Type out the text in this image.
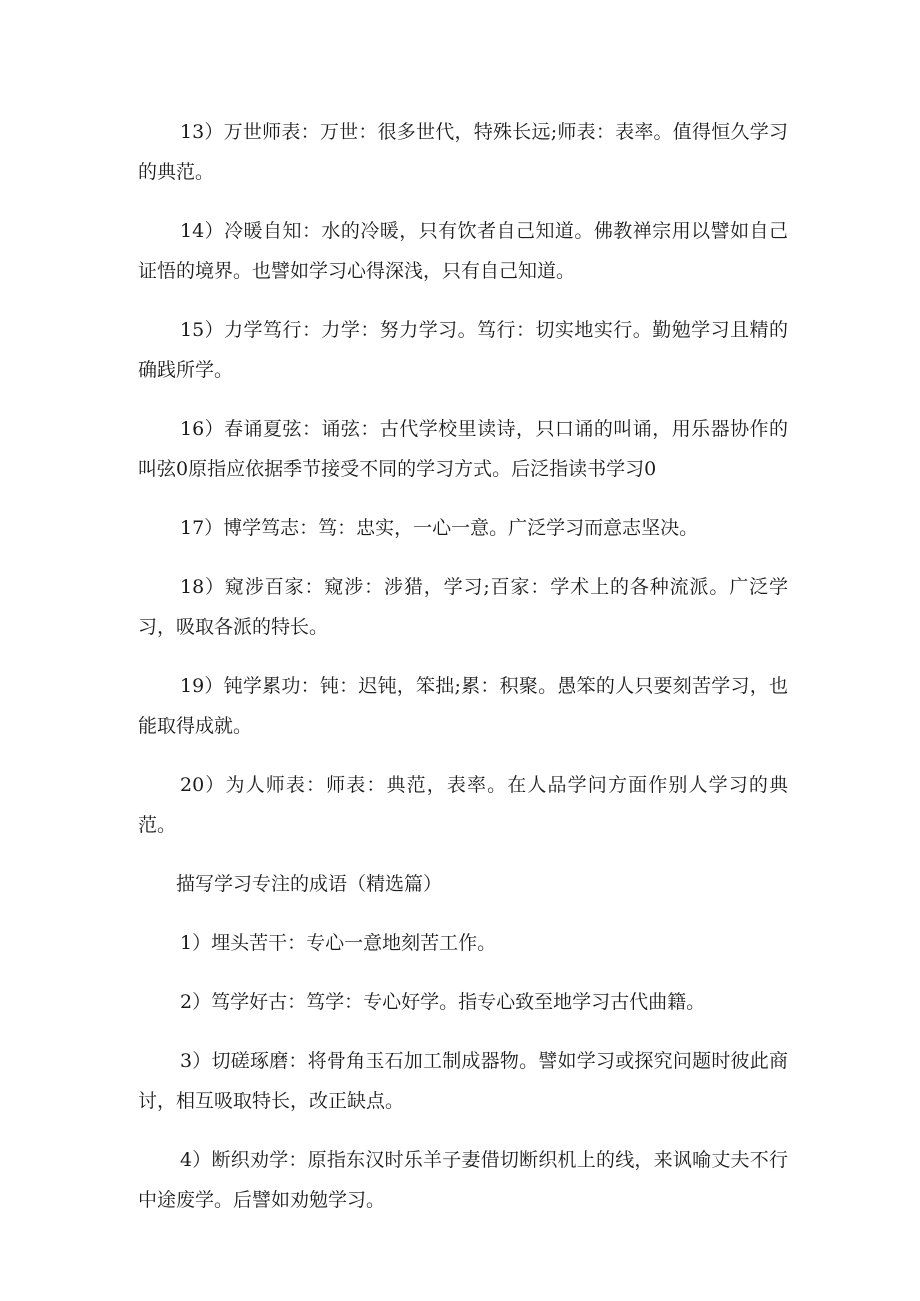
13）万世师表：万世：很多世代，特殊长远;师表：表率。值得恒久学习的典范。

14）冷暖自知：水的冷暖，只有饮者自己知道。佛教禅宗用以譬如自己证悟的境界。也譬如学习心得深浅，只有自己知道。

15）力学笃行：力学：努力学习。笃行：切实地实行。勤勉学习且精的确践所学。

16）春诵夏弦：诵弦：古代学校里读诗，只口诵的叫诵，用乐器协作的叫弦0原指应依据季节接受不同的学习方式。后泛指读书学习0

17）博学笃志：笃：忠实，一心一意。广泛学习而意志坚决。

18）窥涉百家：窥涉：涉猎，学习;百家：学术上的各种流派。广泛学习，吸取各派的特长。

19）钝学累功：钝：迟钝，笨拙;累：积聚。愚笨的人只要刻苦学习，也能取得成就。

20）为人师表：师表：典范，表率。在人品学问方面作别人学习的典范。

描写学习专注的成语（精选篇）

1）埋头苦干：专心一意地刻苦工作。

2）笃学好古：笃学：专心好学。指专心致至地学习古代曲籍。

3）切磋琢磨：将骨角玉石加工制成器物。譬如学习或探究问题时彼此商讨，相互吸取特长，改正缺点。

4）断织劝学：原指东汉时乐羊子妻借切断织机上的线，来讽喻丈夫不行中途废学。后譬如劝勉学习。
